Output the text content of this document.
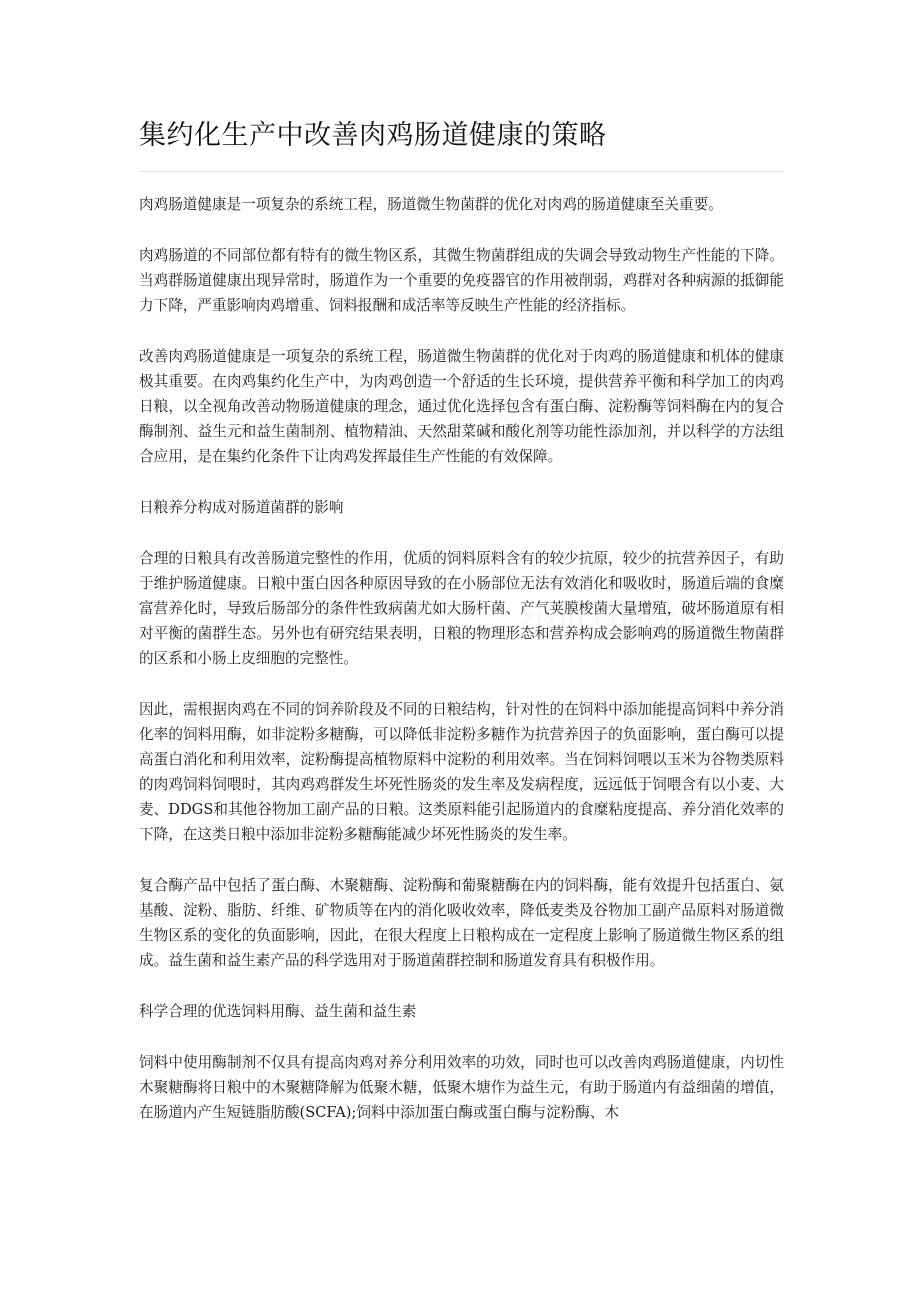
集约化生产中改善肉鸡肠道健康的策略

肉鸡肠道健康是一项复杂的系统工程，肠道微生物菌群的优化对肉鸡的肠道健康至关重要。

肉鸡肠道的不同部位都有特有的微生物区系，其微生物菌群组成的失调会导致动物生产性能的下降。当鸡群肠道健康出现异常时，肠道作为一个重要的免疫器官的作用被削弱，鸡群对各种病源的抵御能力下降，严重影响肉鸡增重、饲料报酬和成活率等反映生产性能的经济指标。

改善肉鸡肠道健康是一项复杂的系统工程，肠道微生物菌群的优化对于肉鸡的肠道健康和机体的健康极其重要。在肉鸡集约化生产中，为肉鸡创造一个舒适的生长环境，提供营养平衡和科学加工的肉鸡日粮，以全视角改善动物肠道健康的理念，通过优化选择包含有蛋白酶、淀粉酶等饲料酶在内的复合酶制剂、益生元和益生菌制剂、植物精油、天然甜菜碱和酸化剂等功能性添加剂，并以科学的方法组合应用，是在集约化条件下让肉鸡发挥最佳生产性能的有效保障。

日粮养分构成对肠道菌群的影响

合理的日粮具有改善肠道完整性的作用，优质的饲料原料含有的较少抗原，较少的抗营养因子，有助于维护肠道健康。日粮中蛋白因各种原因导致的在小肠部位无法有效消化和吸收时，肠道后端的食糜富营养化时，导致后肠部分的条件性致病菌尤如大肠杆菌、产气荚膜梭菌大量增殖，破坏肠道原有相对平衡的菌群生态。另外也有研究结果表明，日粮的物理形态和营养构成会影响鸡的肠道微生物菌群的区系和小肠上皮细胞的完整性。

因此，需根据肉鸡在不同的饲养阶段及不同的日粮结构，针对性的在饲料中添加能提高饲料中养分消化率的饲料用酶，如非淀粉多糖酶，可以降低非淀粉多糖作为抗营养因子的负面影响，蛋白酶可以提高蛋白消化和利用效率，淀粉酶提高植物原料中淀粉的利用效率。当在饲料饲喂以玉米为谷物类原料的肉鸡饲料饲喂时，其肉鸡鸡群发生坏死性肠炎的发生率及发病程度，远远低于饲喂含有以小麦、大麦、DDGS和其他谷物加工副产品的日粮。这类原料能引起肠道内的食糜粘度提高、养分消化效率的下降，在这类日粮中添加非淀粉多糖酶能减少坏死性肠炎的发生率。

复合酶产品中包括了蛋白酶、木聚糖酶、淀粉酶和葡聚糖酶在内的饲料酶，能有效提升包括蛋白、氨基酸、淀粉、脂肪、纤维、矿物质等在内的消化吸收效率，降低麦类及谷物加工副产品原料对肠道微生物区系的变化的负面影响，因此，在很大程度上日粮构成在一定程度上影响了肠道微生物区系的组成。益生菌和益生素产品的科学选用对于肠道菌群控制和肠道发育具有积极作用。

科学合理的优选饲料用酶、益生菌和益生素

饲料中使用酶制剂不仅具有提高肉鸡对养分利用效率的功效，同时也可以改善肉鸡肠道健康，内切性木聚糖酶将日粮中的木聚糖降解为低聚木糖，低聚木塘作为益生元，有助于肠道内有益细菌的增值，在肠道内产生短链脂肪酸(SCFA);饲料中添加蛋白酶或蛋白酶与淀粉酶、木
